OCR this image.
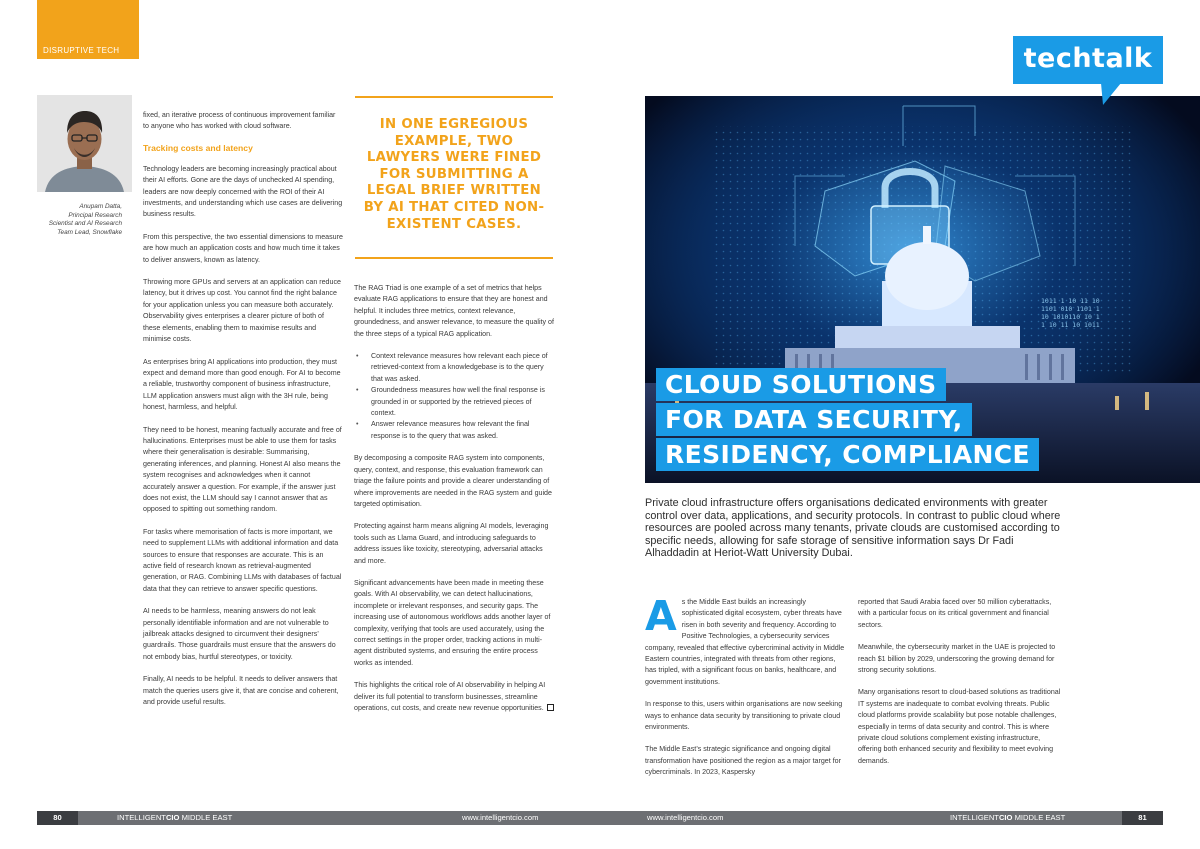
DISRUPTIVE TECH
Anupam Datta,
Principal Research
Scientist and AI Research
Team Lead, Snowflake

fixed, an iterative process of continuous improvement familiar to anyone who has worked with cloud software.

Tracking costs and latency

Technology leaders are becoming increasingly practical about their AI efforts. Gone are the days of unchecked AI spending, leaders are now deeply concerned with the ROI of their AI investments, and understanding which use cases are delivering business results.

From this perspective, the two essential dimensions to measure are how much an application costs and how much time it takes to deliver answers, known as latency.

Throwing more GPUs and servers at an application can reduce latency, but it drives up cost. You cannot find the right balance for your application unless you can measure both accurately. Observability gives enterprises a clearer picture of both of these elements, enabling them to maximise results and minimise costs.

As enterprises bring AI applications into production, they must expect and demand more than good enough. For AI to become a reliable, trustworthy component of business infrastructure, LLM application answers must align with the 3H rule, being honest, harmless, and helpful.

They need to be honest, meaning factually accurate and free of hallucinations. Enterprises must be able to use them for tasks where their generalisation is desirable: Summarising, generating inferences, and planning. Honest AI also means the system recognises and acknowledges when it cannot accurately answer a question. For example, if the answer just does not exist, the LLM should say I cannot answer that as opposed to spitting out something random.

For tasks where memorisation of facts is more important, we need to supplement LLMs with additional information and data sources to ensure that responses are accurate. This is an active field of research known as retrieval-augmented generation, or RAG. Combining LLMs with databases of factual data that they can retrieve to answer specific questions.

AI needs to be harmless, meaning answers do not leak personally identifiable information and are not vulnerable to jailbreak attacks designed to circumvent their designers’ guardrails. Those guardrails must ensure that the answers do not embody bias, hurtful stereotypes, or toxicity.

Finally, AI needs to be helpful. It needs to deliver answers that match the queries users give it, that are concise and coherent, and provide useful results.

IN ONE EGREGIOUS EXAMPLE, TWO LAWYERS WERE FINED FOR SUBMITTING A LEGAL BRIEF WRITTEN BY AI THAT CITED NON-EXISTENT CASES.

The RAG Triad is one example of a set of metrics that helps evaluate RAG applications to ensure that they are honest and helpful. It includes three metrics, context relevance, groundedness, and answer relevance, to measure the quality of the three steps of a typical RAG application.

• Context relevance measures how relevant each piece of retrieved-context from a knowledgebase is to the query that was asked.
• Groundedness measures how well the final response is grounded in or supported by the retrieved pieces of context.
• Answer relevance measures how relevant the final response is to the query that was asked.

By decomposing a composite RAG system into components, query, context, and response, this evaluation framework can triage the failure points and provide a clearer understanding of where improvements are needed in the RAG system and guide targeted optimisation.

Protecting against harm means aligning AI models, leveraging tools such as Llama Guard, and introducing safeguards to address issues like toxicity, stereotyping, adversarial attacks and more.

Significant advancements have been made in meeting these goals. With AI observability, we can detect hallucinations, incomplete or irrelevant responses, and security gaps. The increasing use of autonomous workflows adds another layer of complexity, verifying that tools are used accurately, using the correct settings in the proper order, tracking actions in multi-agent distributed systems, and ensuring the entire process works as intended.

This highlights the critical role of AI observability in helping AI deliver its full potential to transform businesses, streamline operations, cut costs, and create new revenue opportunities.

1011 1 10 11 10
1101 010 1101 1
10 1010110 10 1
1 10 11 10 1011
techtalk
CLOUD SOLUTIONS
FOR DATA SECURITY,
RESIDENCY, COMPLIANCE

Private cloud infrastructure offers organisations dedicated environments with greater control over data, applications, and security protocols. In contrast to public cloud where resources are pooled across many tenants, private clouds are customised according to specific needs, allowing for safe storage of sensitive information says Dr Fadi Alhaddadin at Heriot-Watt University Dubai.

As the Middle East builds an increasingly sophisticated digital ecosystem, cyber threats have risen in both severity and frequency. According to Positive Technologies, a cybersecurity services company, revealed that effective cybercriminal activity in Middle Eastern countries, integrated with threats from other regions, has tripled, with a significant focus on banks, healthcare, and government institutions.

In response to this, users within organisations are now seeking ways to enhance data security by transitioning to private cloud environments.

The Middle East’s strategic significance and ongoing digital transformation have positioned the region as a major target for cybercriminals. In 2023, Kaspersky

reported that Saudi Arabia faced over 50 million cyberattacks, with a particular focus on its critical government and financial sectors.

Meanwhile, the cybersecurity market in the UAE is projected to reach $1 billion by 2029, underscoring the growing demand for strong security solutions.

Many organisations resort to cloud-based solutions as traditional IT systems are inadequate to combat evolving threats. Public cloud platforms provide scalability but pose notable challenges, especially in terms of data security and control. This is where private cloud solutions complement existing infrastructure, offering both enhanced security and flexibility to meet evolving demands.

80	INTELLIGENTCIO MIDDLE EAST	www.intelligentcio.com	www.intelligentcio.com	INTELLIGENTCIO MIDDLE EAST	81
